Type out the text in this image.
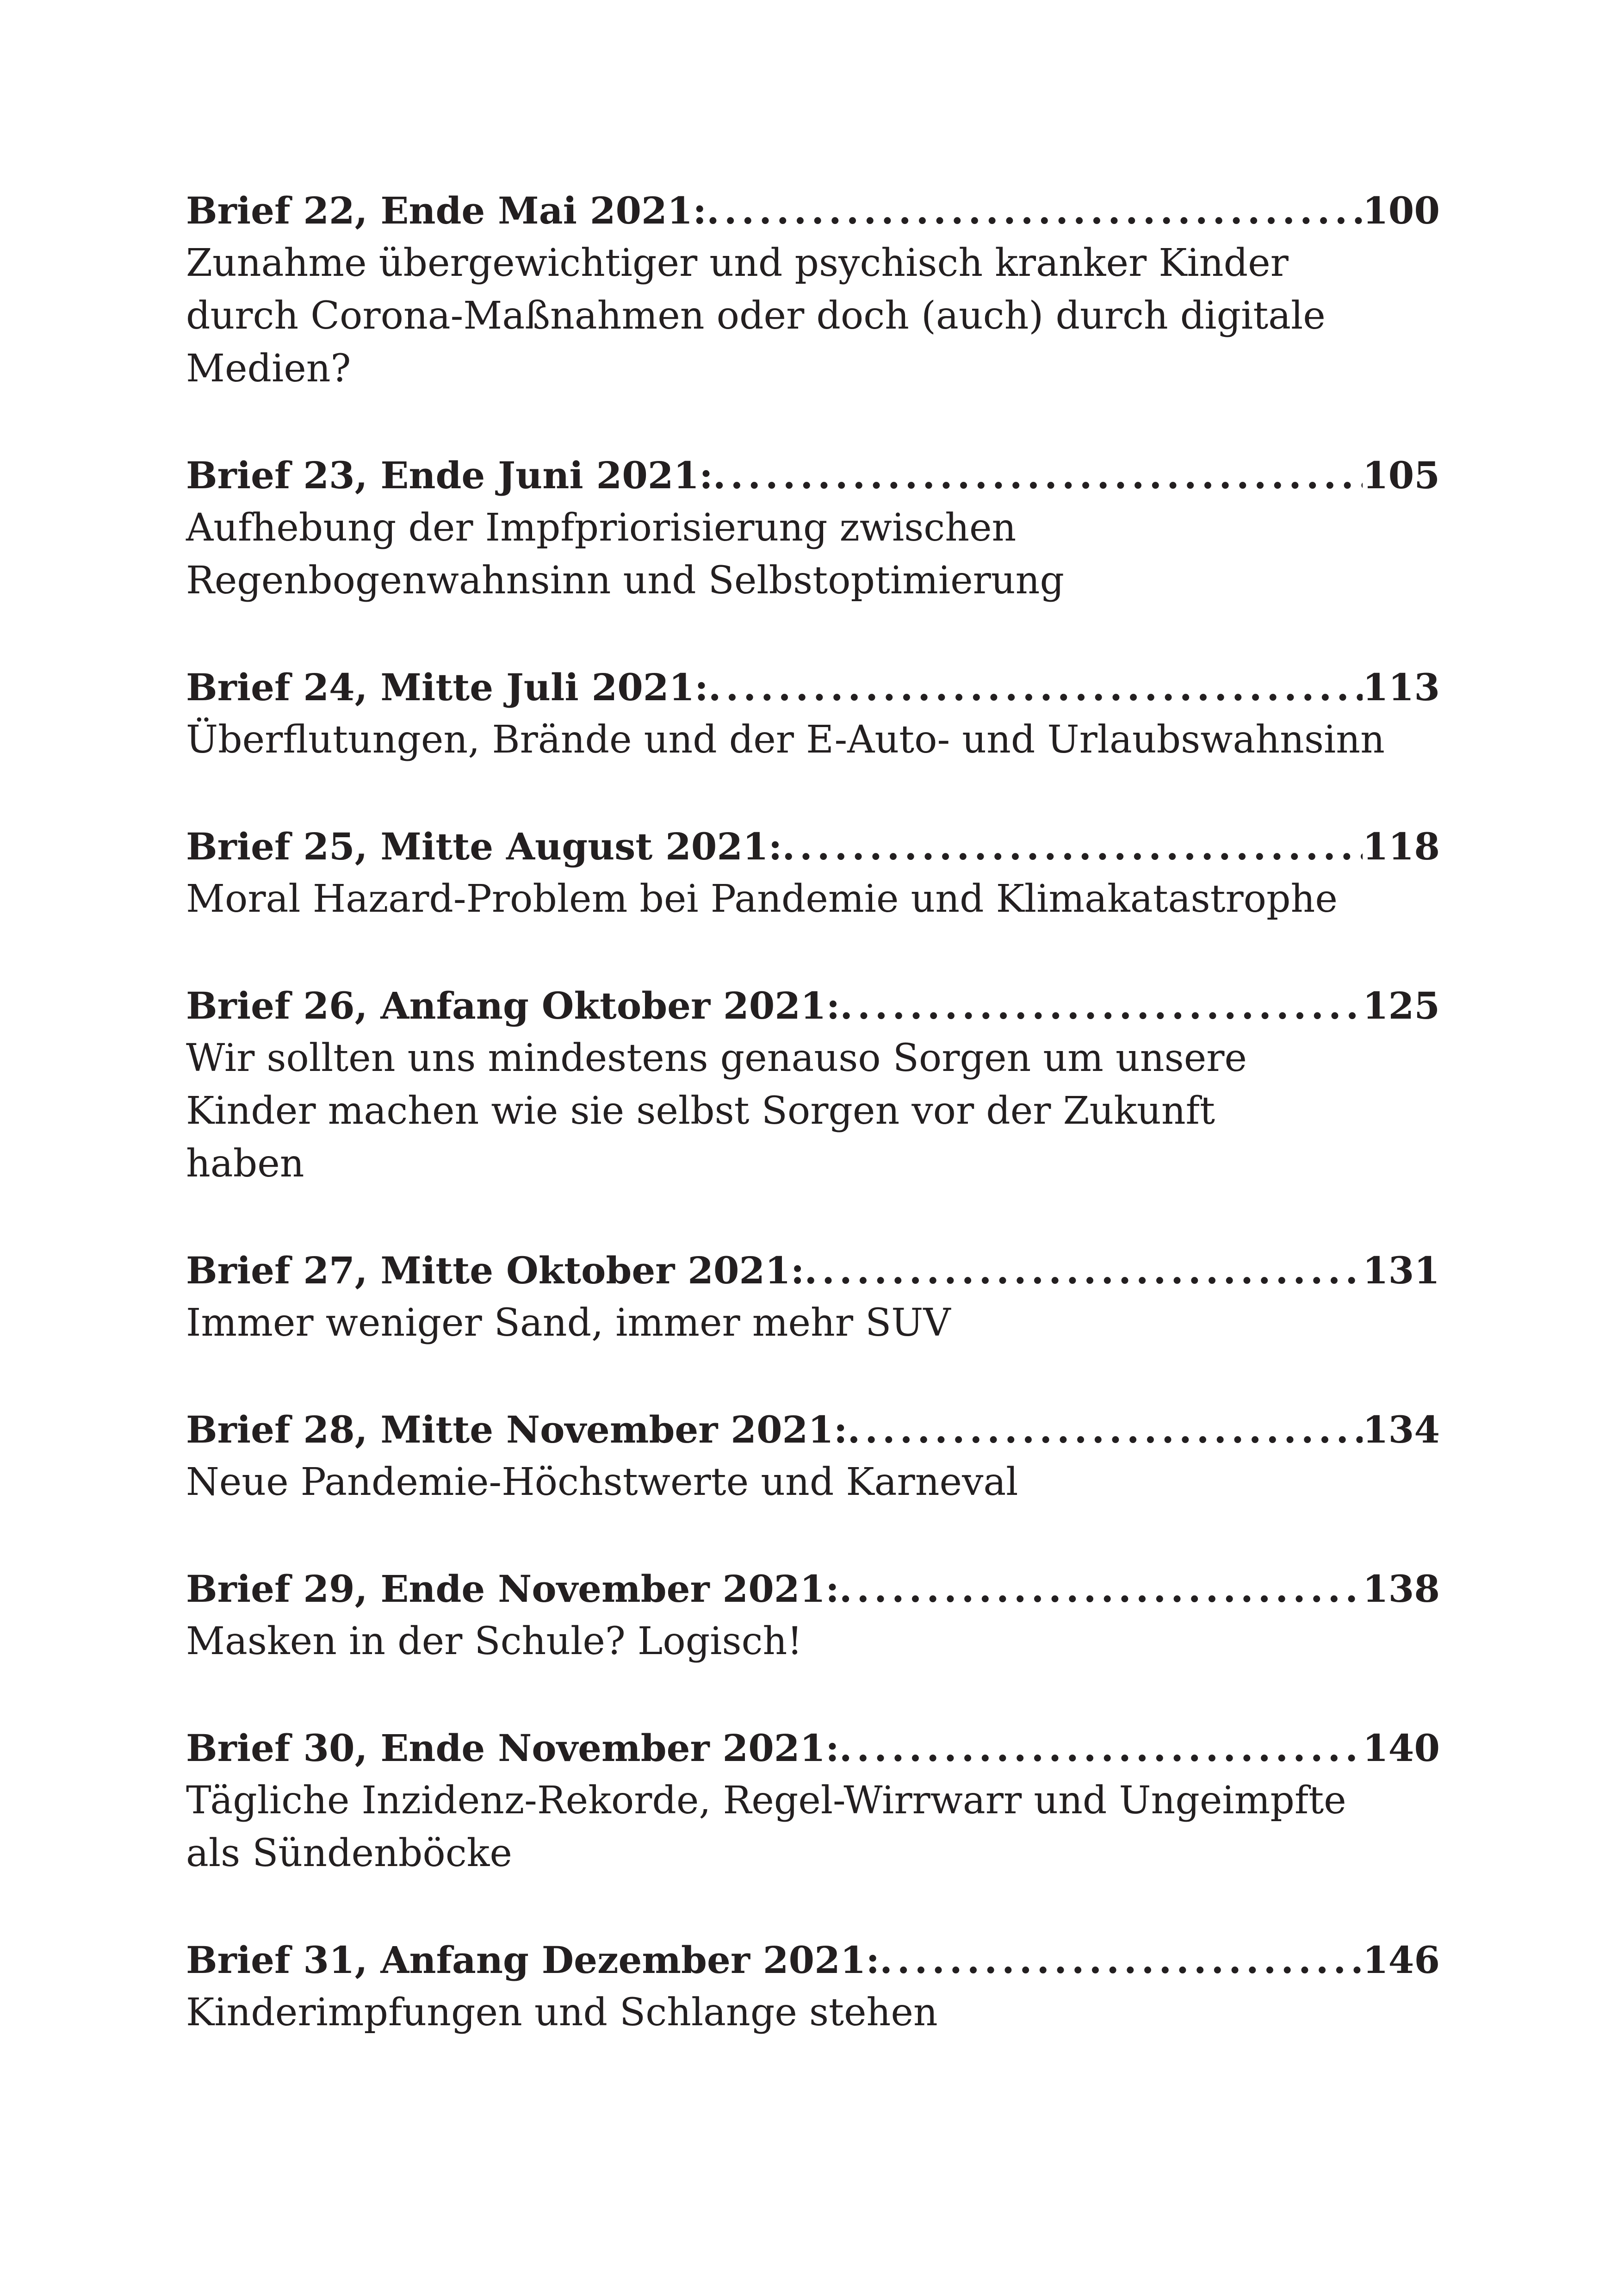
Brief 22, Ende Mai 2021: . . .	100

Zunahme übergewichtiger und psychisch kranker Kinder durch Corona-Maßnahmen oder doch (auch) durch digitale Medien?

Brief 23, Ende Juni 2021: . . .	105

Aufhebung der Impfpriorisierung zwischen Regenbogenwahnsinn und Selbstoptimierung

Brief 24, Mitte Juli 2021: . . .	113

Überflutungen, Brände und der E-Auto- und Urlaubswahnsinn

Brief 25, Mitte August 2021: . . .	118

Moral Hazard-Problem bei Pandemie und Klimakatastrophe

Brief 26, Anfang Oktober 2021: . . .	125

Wir sollten uns mindestens genauso Sorgen um unsere Kinder machen wie sie selbst Sorgen vor der Zukunft haben

Brief 27, Mitte Oktober 2021: . . .	131

Immer weniger Sand, immer mehr SUV

Brief 28, Mitte November 2021: . . .	134

Neue Pandemie-Höchstwerte und Karneval

Brief 29, Ende November 2021: . . .	138

Masken in der Schule? Logisch!

Brief 30, Ende November 2021: . . .	140

Tägliche Inzidenz-Rekorde, Regel-Wirrwarr und Ungeimpfte als Sündenböcke

Brief 31, Anfang Dezember 2021: . . .	146

Kinderimpfungen und Schlange stehen
